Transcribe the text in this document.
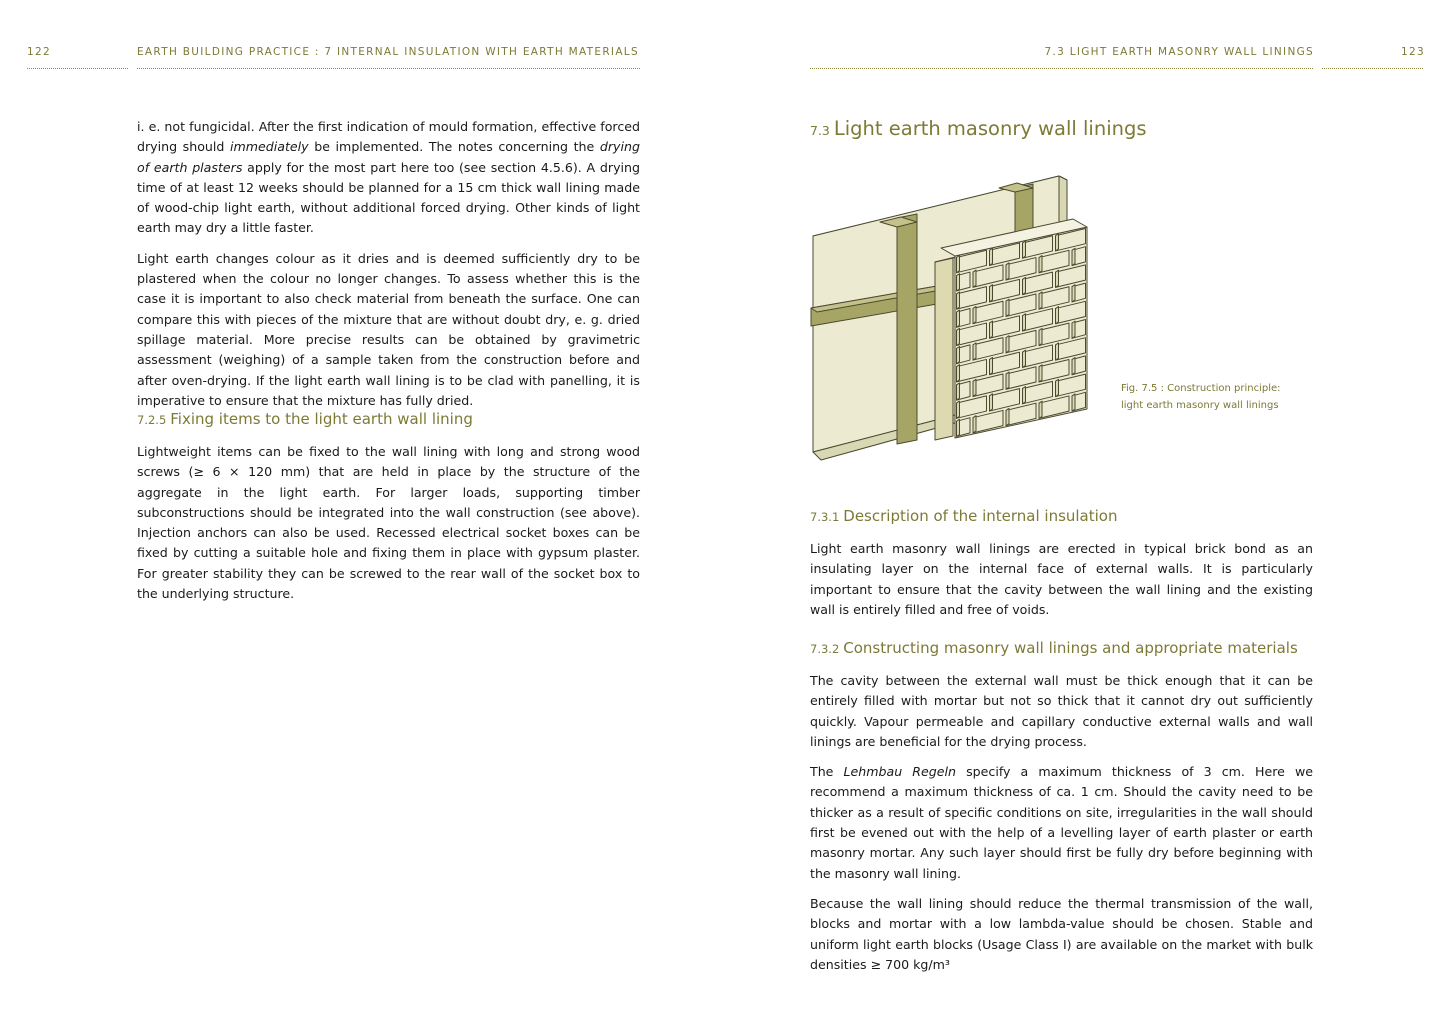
122	EARTH BUILDING PRACTICE : 7 INTERNAL INSULATION WITH EARTH MATERIALS	7.3 LIGHT EARTH MASONRY WALL LININGS	123

i. e. not fungicidal. After the first indication of mould formation, effective forced drying should immediately be implemented. The notes concerning the drying of earth plasters apply for the most part here too (see section 4.5.6). A drying time of at least 12 weeks should be planned for a 15 cm thick wall lining made of wood-chip light earth, without additional forced drying. Other kinds of light earth may dry a little faster.

Light earth changes colour as it dries and is deemed sufficiently dry to be plastered when the colour no longer changes. To assess whether this is the case it is important to also check material from beneath the surface. One can compare this with pieces of the mixture that are without doubt dry, e. g. dried spillage material. More precise results can be obtained by gravimetric assessment (weighing) of a sample taken from the construction before and after oven-drying. If the light earth wall lining is to be clad with panelling, it is imperative to ensure that the mixture has fully dried.

7.2.5 Fixing items to the light earth wall lining

Lightweight items can be fixed to the wall lining with long and strong wood screws (≥ 6 × 120 mm) that are held in place by the structure of the aggregate in the light earth. For larger loads, supporting timber subconstructions should be integrated into the wall construction (see above). Injection anchors can also be used. Recessed electrical socket boxes can be fixed by cutting a suitable hole and fixing them in place with gypsum plaster. For greater stability they can be screwed to the rear wall of the socket box to the underlying structure.

7.3 Light earth masonry wall linings
Fig. 7.5 : Construction principle:
light earth masonry wall linings
7.3.1 Description of the internal insulation

Light earth masonry wall linings are erected in typical brick bond as an insulating layer on the internal face of external walls. It is particularly important to ensure that the cavity between the wall lining and the existing wall is entirely filled and free of voids.

7.3.2 Constructing masonry wall linings and appropriate materials

The cavity between the external wall must be thick enough that it can be entirely filled with mortar but not so thick that it cannot dry out sufficiently quickly. Vapour permeable and capillary conductive external walls and wall linings are beneficial for the drying process.

The Lehmbau Regeln specify a maximum thickness of 3 cm. Here we recommend a maximum thickness of ca. 1 cm. Should the cavity need to be thicker as a result of specific conditions on site, irregularities in the wall should first be evened out with the help of a levelling layer of earth plaster or earth masonry mortar. Any such layer should first be fully dry before beginning with the masonry wall lining.

Because the wall lining should reduce the thermal transmission of the wall, blocks and mortar with a low lambda-value should be chosen. Stable and uniform light earth blocks (Usage Class I) are available on the market with bulk densities ≥ 700 kg/m³
